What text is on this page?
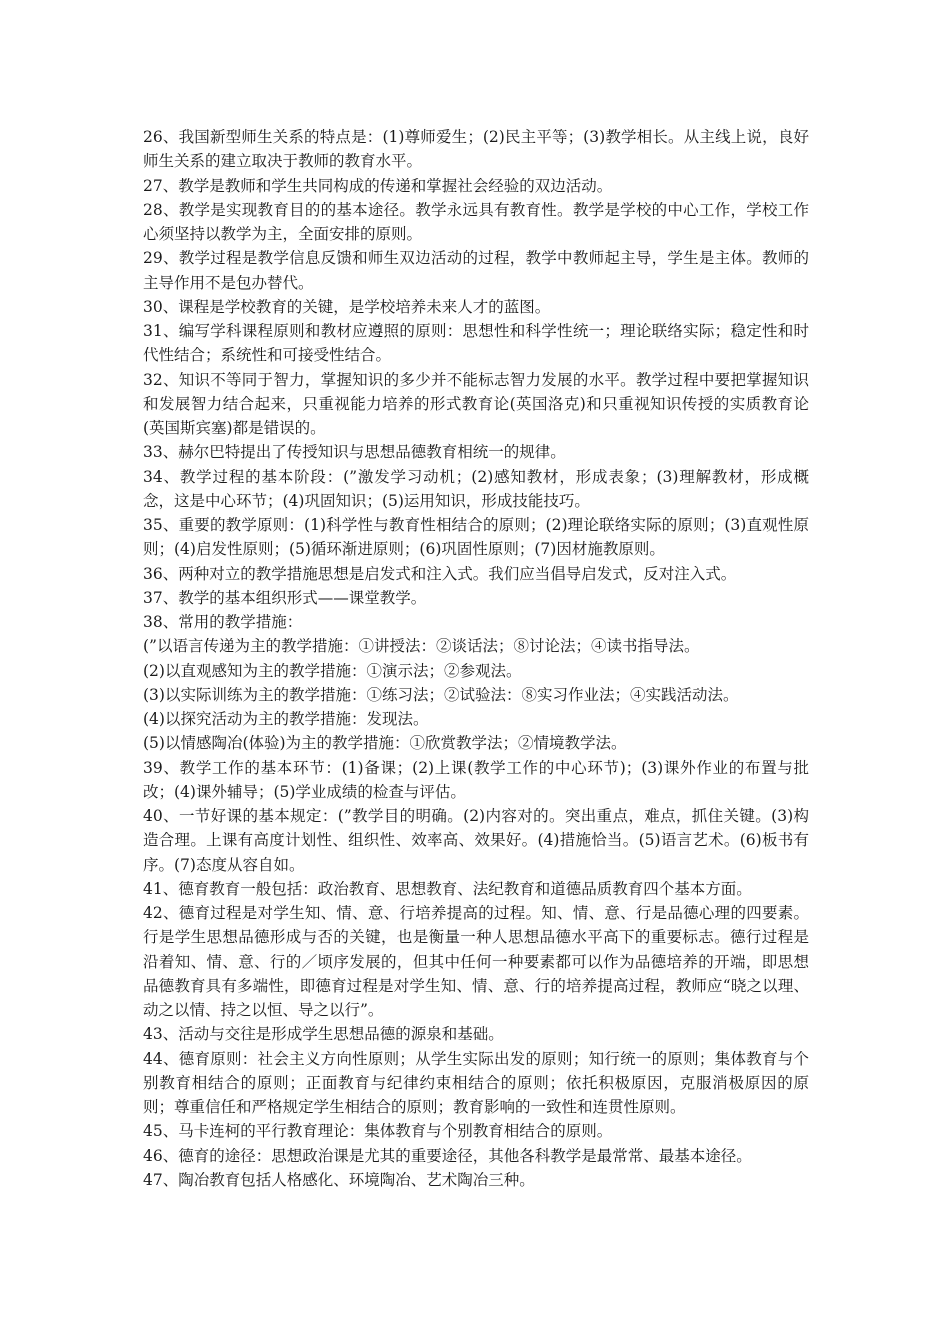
26、我国新型师生关系的特点是：(1)尊师爱生；(2)民主平等；(3)教学相长。从主线上说，良好师生关系的建立取决于教师的教育水平。

27、教学是教师和学生共同构成的传递和掌握社会经验的双边活动。

28、教学是实现教育目的的基本途径。教学永远具有教育性。教学是学校的中心工作，学校工作心须坚持以教学为主，全面安排的原则。

29、教学过程是教学信息反馈和师生双边活动的过程，教学中教师起主导，学生是主体。教师的主导作用不是包办替代。

30、课程是学校教育的关键，是学校培养未来人才的蓝图。

31、编写学科课程原则和教材应遵照的原则：思想性和科学性统一；理论联络实际；稳定性和时代性结合；系统性和可接受性结合。

32、知识不等同于智力，掌握知识的多少并不能标志智力发展的水平。教学过程中要把掌握知识和发展智力结合起来，只重视能力培养的形式教育论(英国洛克)和只重视知识传授的实质教育论(英国斯宾塞)都是错误的。

33、赫尔巴特提出了传授知识与思想品德教育相统一的规律。

34、教学过程的基本阶段：(”激发学习动机；(2)感知教材，形成表象；(3)理解教材，形成概念，这是中心环节；(4)巩固知识；(5)运用知识，形成技能技巧。

35、重要的教学原则：(1)科学性与教育性相结合的原则；(2)理论联络实际的原则；(3)直观性原则；(4)启发性原则；(5)循环渐进原则；(6)巩固性原则；(7)因材施教原则。

36、两种对立的教学措施思想是启发式和注入式。我们应当倡导启发式，反对注入式。

37、教学的基本组织形式——课堂教学。

38、常用的教学措施：

(”以语言传递为主的教学措施：①讲授法：②谈话法；⑧讨论法；④读书指导法。

(2)以直观感知为主的教学措施：①演示法；②参观法。

(3)以实际训练为主的教学措施：①练习法；②试验法：⑧实习作业法；④实践活动法。

(4)以探究活动为主的教学措施：发现法。

(5)以情感陶冶(体验)为主的教学措施：①欣赏教学法；②情境教学法。

39、教学工作的基本环节：(1)备课；(2)上课(教学工作的中心环节)；(3)课外作业的布置与批改；(4)课外辅导；(5)学业成绩的检查与评估。

40、一节好课的基本规定：(”教学目的明确。(2)内容对的。突出重点，难点，抓住关键。(3)构造合理。上课有高度计划性、组织性、效率高、效果好。(4)措施恰当。(5)语言艺术。(6)板书有序。(7)态度从容自如。

41、德育教育一般包括：政治教育、思想教育、法纪教育和道德品质教育四个基本方面。

42、德育过程是对学生知、情、意、行培养提高的过程。知、情、意、行是品德心理的四要素。行是学生思想品德形成与否的关键，也是衡量一种人思想品德水平高下的重要标志。德行过程是沿着知、情、意、行的／顷序发展的，但其中任何一种要素都可以作为品德培养的开端，即思想品德教育具有多端性，即德育过程是对学生知、情、意、行的培养提高过程，教师应“晓之以理、动之以情、持之以恒、导之以行”。

43、活动与交往是形成学生思想品德的源泉和基础。

44、德育原则：社会主义方向性原则；从学生实际出发的原则；知行统一的原则；集体教育与个别教育相结合的原则；正面教育与纪律约束相结合的原则；依托积极原因，克服消极原因的原则；尊重信任和严格规定学生相结合的原则；教育影响的一致性和连贯性原则。

45、马卡连柯的平行教育理论：集体教育与个别教育相结合的原则。

46、德育的途径：思想政治课是尤其的重要途径，其他各科教学是最常常、最基本途径。

47、陶冶教育包括人格感化、环境陶冶、艺术陶冶三种。
